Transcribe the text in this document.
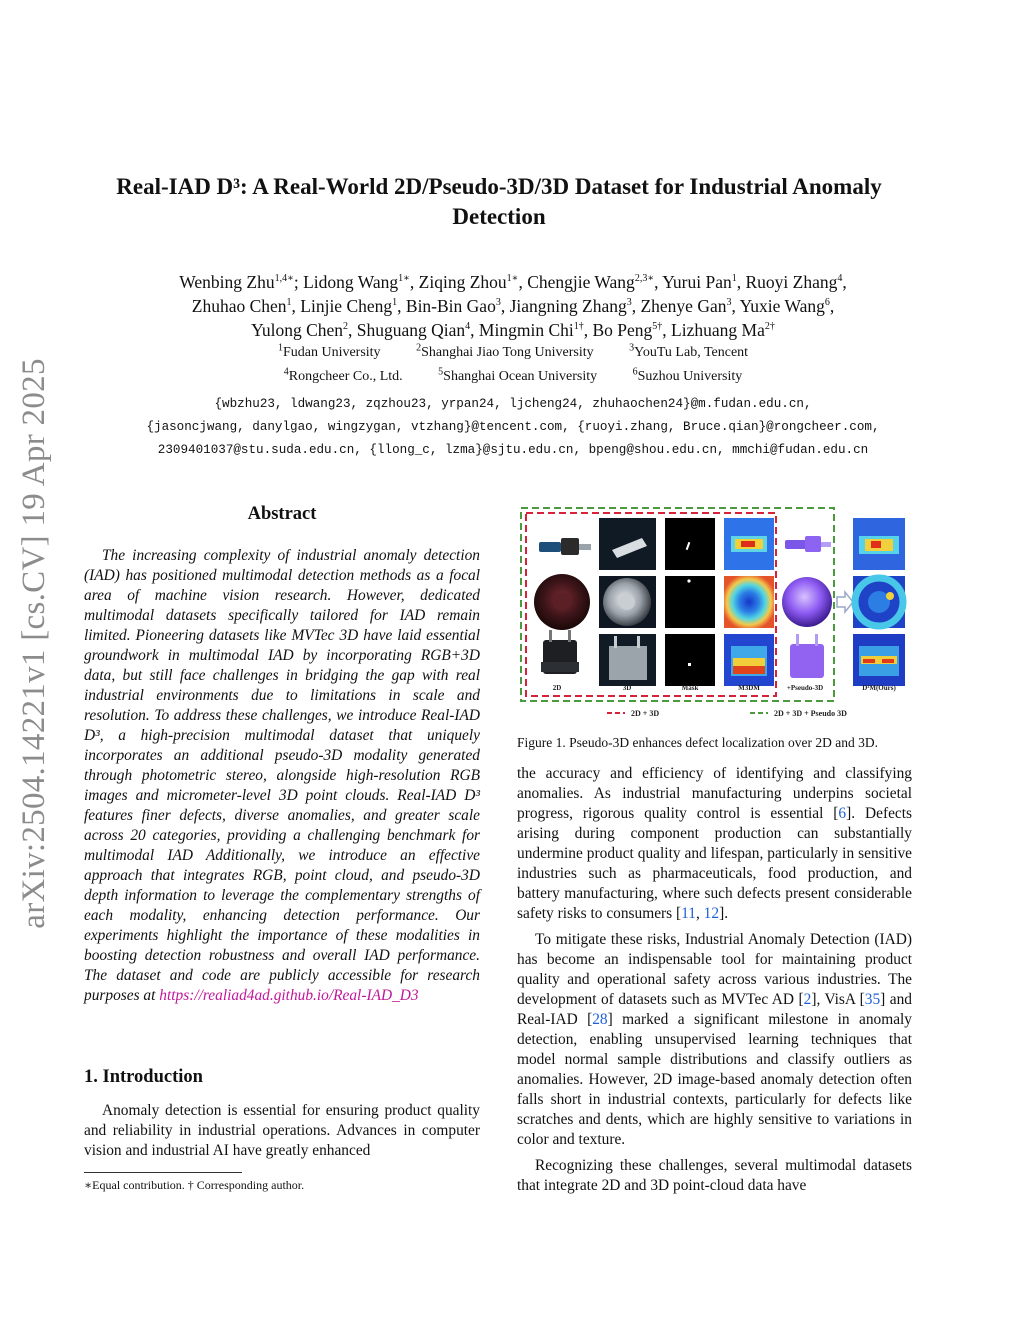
arXiv:2504.14221v1 [cs.CV] 19 Apr 2025
Real-IAD D³: A Real-World 2D/Pseudo-3D/3D Dataset for Industrial Anomaly
Detection
Wenbing Zhu$^{1,4∗}$; Lidong Wang$^{1∗}$, Ziqing Zhou$^{1∗}$, Chengjie Wang$^{2,3∗}$, Yurui Pan$^1$, Ruoyi Zhang$^4$,
Zhuhao Chen$^1$, Linjie Cheng$^1$, Bin-Bin Gao$^3$, Jiangning Zhang$^3$, Zhenye Gan$^3$, Yuxie Wang$^6$,
Yulong Chen$^2$, Shuguang Qian$^4$, Mingmin Chi$^{1\dagger}$, Bo Peng$^{5\dagger}$, Lizhuang $Ma^{2\dagger}$
$^1$Fudan University	$^2$Shanghai Jiao Tong University	$^3$YouTu Lab, Tencent
$^4$Rongcheer Co., Ltd.	$^5$Shanghai Ocean University	$^6$Suzhou University
{wbzhu23, ldwang23, zqzhou23, yrpan24, ljcheng24, zhuhaochen24}@m.fudan.edu.cn,
{jasoncjwang, danylgao, wingzygan, vtzhang}@tencent.com, {ruoyi.zhang, Bruce.qian}@rongcheer.com,
2309401037@stu.suda.edu.cn, {llong_c, lzma}@sjtu.edu.cn, bpeng@shou.edu.cn, mmchi@fudan.edu.cn
Abstract

The increasing complexity of industrial anomaly detection (IAD) has positioned multimodal detection methods as a focal area of machine vision research. However, dedicated multimodal datasets specifically tailored for IAD remain limited. Pioneering datasets like MVTec 3D have laid essential groundwork in multimodal IAD by incorporating RGB+3D data, but still face challenges in bridging the gap with real industrial environments due to limitations in scale and resolution. To address these challenges, we introduce Real-IAD D³, a high-precision multimodal dataset that uniquely incorporates an additional pseudo-3D modality generated through photometric stereo, alongside high-resolution RGB images and micrometer-level 3D point clouds. Real-IAD D³ features finer defects, diverse anomalies, and greater scale across 20 categories, providing a challenging benchmark for multimodal IAD Additionally, we introduce an effective approach that integrates RGB, point cloud, and pseudo-3D depth information to leverage the complementary strengths of each modality, enhancing detection performance. Our experiments highlight the importance of these modalities in boosting detection robustness and overall IAD performance. The dataset and code are publicly accessible for research purposes at https://realiad4ad.github.io/Real-IAD_D3

1. Introduction

Anomaly detection is essential for ensuring product quality and reliability in industrial operations. Advances in computer vision and industrial AI have greatly enhanced

∗Equal contribution. † Corresponding author.
2D	3D	Mask	M3DM	+Pseudo-3D	D³M(Ours)
2D + 3D	2D + 3D + Pseudo 3D
Figure 1. Pseudo-3D enhances defect localization over 2D and 3D.

the accuracy and efficiency of identifying and classifying anomalies. As industrial manufacturing underpins societal progress, rigorous quality control is essential [6]. Defects arising during component production can substantially undermine product quality and lifespan, particularly in sensitive industries such as pharmaceuticals, food production, and battery manufacturing, where such defects present considerable safety risks to consumers [11, 12].

To mitigate these risks, Industrial Anomaly Detection (IAD) has become an indispensable tool for maintaining product quality and operational safety across various industries. The development of datasets such as MVTec AD [2], VisA [35] and Real-IAD [28] marked a significant milestone in anomaly detection, enabling unsupervised learning techniques that model normal sample distributions and classify outliers as anomalies. However, 2D image-based anomaly detection often falls short in industrial contexts, particularly for defects like scratches and dents, which are highly sensitive to variations in color and texture.

Recognizing these challenges, several multimodal datasets that integrate 2D and 3D point-cloud data have
